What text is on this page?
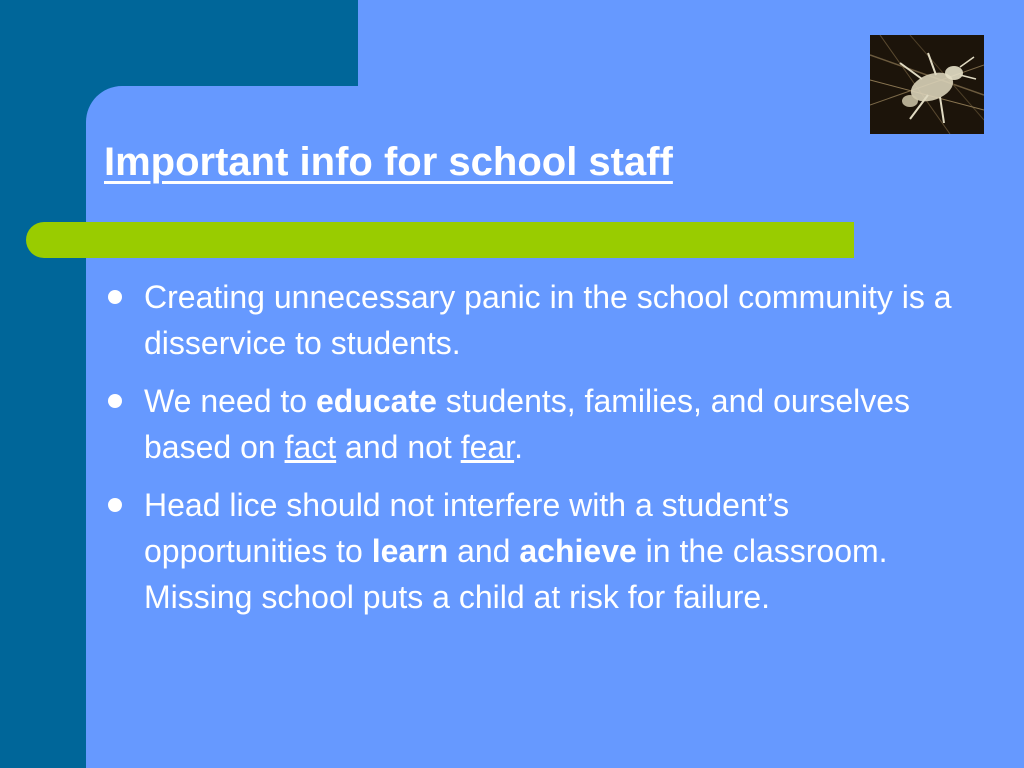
Important info for school staff
Creating unnecessary panic in the school community is a disservice to students.
We need to educate students, families, and ourselves based on fact and not fear.
Head lice should not interfere with a student’s opportunities to learn and achieve in the classroom. Missing school puts a child at risk for failure.
